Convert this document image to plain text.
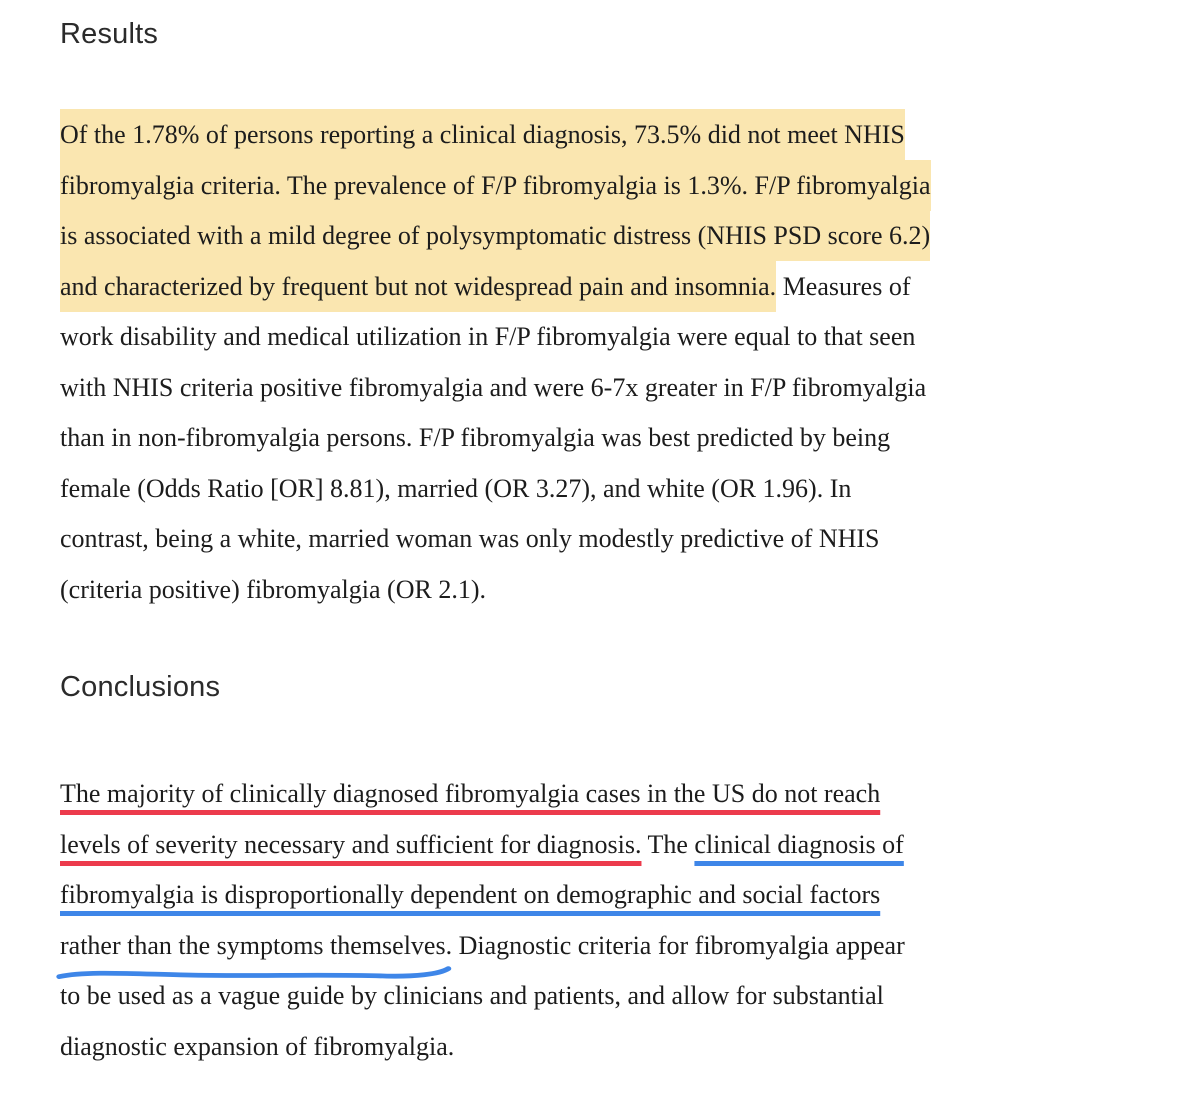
Results
Of the 1.78% of persons reporting a clinical diagnosis, 73.5% did not meet NHIS
fibromyalgia criteria. The prevalence of F/P fibromyalgia is 1.3%. F/P fibromyalgia
is associated with a mild degree of polysymptomatic distress (NHIS PSD score 6.2)
and characterized by frequent but not widespread pain and insomnia. Measures of
work disability and medical utilization in F/P fibromyalgia were equal to that seen
with NHIS criteria positive fibromyalgia and were 6-7x greater in F/P fibromyalgia
than in non-fibromyalgia persons. F/P fibromyalgia was best predicted by being
female (Odds Ratio [OR] 8.81), married (OR 3.27), and white (OR 1.96). In
contrast, being a white, married woman was only modestly predictive of NHIS
(criteria positive) fibromyalgia (OR 2.1).
Conclusions
The majority of clinically diagnosed fibromyalgia cases in the US do not reach
levels of severity necessary and sufficient for diagnosis. The clinical diagnosis of
fibromyalgia is disproportionally dependent on demographic and social factors
rather than the symptoms themselves
. Diagnostic criteria for fibromyalgia appear
to be used as a vague guide by clinicians and patients, and allow for substantial
diagnostic expansion of fibromyalgia.
